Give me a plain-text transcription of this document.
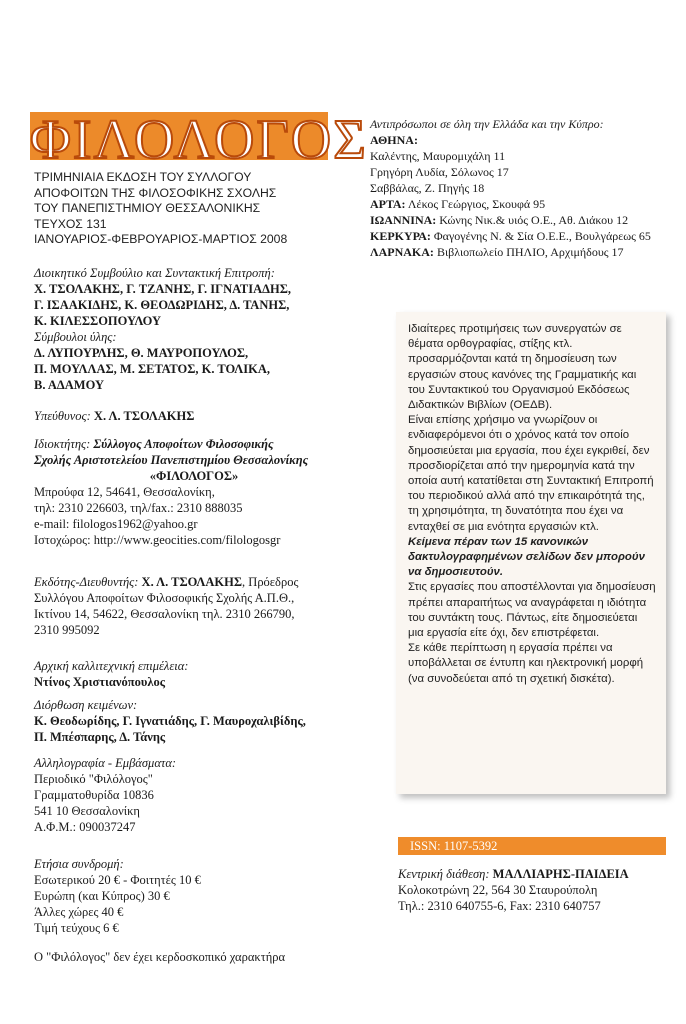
ΦΙΛΟΛΟΓΟΣ
ΤΡΙΜΗΝΙΑΙΑ ΕΚΔΟΣΗ ΤΟΥ ΣΥΛΛΟΓΟΥ
ΑΠΟΦΟΙΤΩΝ ΤΗΣ ΦΙΛΟΣΟΦΙΚΗΣ ΣΧΟΛΗΣ
ΤΟΥ ΠΑΝΕΠΙΣΤΗΜΙΟΥ ΘΕΣΣΑΛΟΝΙΚΗΣ
ΤΕΥΧΟΣ 131
ΙΑΝΟΥΑΡΙΟΣ-ΦΕΒΡΟΥΑΡΙΟΣ-ΜΑΡΤΙΟΣ 2008
Διοικητικό Συμβούλιο και Συντακτική Επιτροπή:
Χ. ΤΣΟΛΑΚΗΣ, Γ. ΤΖΑΝΗΣ, Γ. ΙΓΝΑΤΙΑΔΗΣ,
Γ. ΙΣΑΑΚΙΔΗΣ, Κ. ΘΕΟΔΩΡΙΔΗΣ, Δ. ΤΑΝΗΣ,
Κ. ΚΙΛΕΣΣΟΠΟΥΛΟΥ
Σύμβουλοι ύλης:
Δ. ΛΥΠΟΥΡΛΗΣ, Θ. ΜΑΥΡΟΠΟΥΛΟΣ,
Π. ΜΟΥΛΛΑΣ, Μ. ΣΕΤΑΤΟΣ, Κ. ΤΟΛΙΚΑ,
Β. ΑΔΑΜΟΥ
Υπεύθυνος: Χ. Λ. ΤΣΟΛΑΚΗΣ
Ιδιοκτήτης: Σύλλογος Αποφοίτων Φιλοσοφικής
Σχολής Αριστοτελείου Πανεπιστημίου Θεσσαλονίκης
«ΦΙΛΟΛΟΓΟΣ»
Μπρούφα 12, 54641, Θεσσαλονίκη,
τηλ: 2310 226603, τηλ/fax.: 2310 888035
e-mail: filologos1962@yahoo.gr
Ιστοχώρος: http://www.geocities.com/filologosgr
Εκδότης-Διευθυντής: Χ. Λ. ΤΣΟΛΑΚΗΣ, Πρόεδρος
Συλλόγου Αποφοίτων Φιλοσοφικής Σχολής Α.Π.Θ.,
Ικτίνου 14, 54622, Θεσσαλονίκη τηλ. 2310 266790,
2310 995092
Αρχική καλλιτεχνική επιμέλεια:
Ντίνος Χριστιανόπουλος
Διόρθωση κειμένων:
Κ. Θεοδωρίδης, Γ. Ιγνατιάδης, Γ. Μαυροχαλιβίδης,
Π. Μπέσπαρης, Δ. Τάνης
Αλληλογραφία - Εμβάσματα:
Περιοδικό "Φιλόλογος"
Γραμματοθυρίδα 10836
541 10 Θεσσαλονίκη
Α.Φ.Μ.: 090037247
Ετήσια συνδρομή:
Εσωτερικού 20 € - Φοιτητές 10 €
Ευρώπη (και Κύπρος) 30 €
Άλλες χώρες 40 €
Τιμή τεύχους 6 €
Ο "Φιλόλογος" δεν έχει κερδοσκοπικό χαρακτήρα
Αντιπρόσωποι σε όλη την Ελλάδα και την Κύπρο:
ΑΘΗΝΑ:
Καλέντης, Μαυρομιχάλη 11
Γρηγόρη Λυδία, Σόλωνος 17
Σαββάλας, Ζ. Πηγής 18
ΑΡΤΑ: Λέκος Γεώργιος, Σκουφά 95
ΙΩΑΝΝΙΝΑ: Κώνης Νικ.& υιός Ο.Ε., Αθ. Διάκου 12
ΚΕΡΚΥΡΑ: Φαγογένης Ν. & Σία Ο.Ε.Ε., Βουλγάρεως 65
ΛΑΡΝΑΚΑ: Βιβλιοπωλείο ΠΗΛΙΟ, Αρχιμήδους 17

Ιδιαίτερες προτιμήσεις των συνεργατών σε θέματα ορθογραφίας, στίξης κτλ. προσαρμόζονται κατά τη δημοσίευση των εργασιών στους κανόνες της Γραμματικής και του Συντακτικού του Οργανισμού Εκδόσεως Διδακτικών Βιβλίων (ΟΕΔΒ).

Είναι επίσης χρήσιμο να γνωρίζουν οι ενδιαφερόμενοι ότι ο χρόνος κατά τον οποίο δημοσιεύεται μια εργασία, που έχει εγκριθεί, δεν προσδιορίζεται από την ημερομηνία κατά την οποία αυτή κατατίθεται στη Συντακτική Επιτροπή του περιοδικού αλλά από την επικαιρότητά της, τη χρησιμότητα, τη δυνατότητα που έχει να ενταχθεί σε μια ενότητα εργασιών κτλ.

Κείμενα πέραν των 15 κανονικών δακτυλογραφημένων σελίδων δεν μπορούν να δημοσιευτούν.

Στις εργασίες που αποστέλλονται για δημοσίευση πρέπει απαραιτήτως να αναγράφεται η ιδιότητα του συντάκτη τους. Πάντως, είτε δημοσιεύεται μια εργασία είτε όχι, δεν επιστρέφεται.

Σε κάθε περίπτωση η εργασία πρέπει να υποβάλλεται σε έντυπη και ηλεκτρονική μορφή (να συνοδεύεται από τη σχετική δισκέτα).

ISSN: 1107-5392
Κεντρική διάθεση: ΜΑΛΛΙΑΡΗΣ-ΠΑΙΔΕΙΑ
Κολοκοτρώνη 22, 564 30 Σταυρούπολη
Τηλ.: 2310 640755-6, Fax: 2310 640757
